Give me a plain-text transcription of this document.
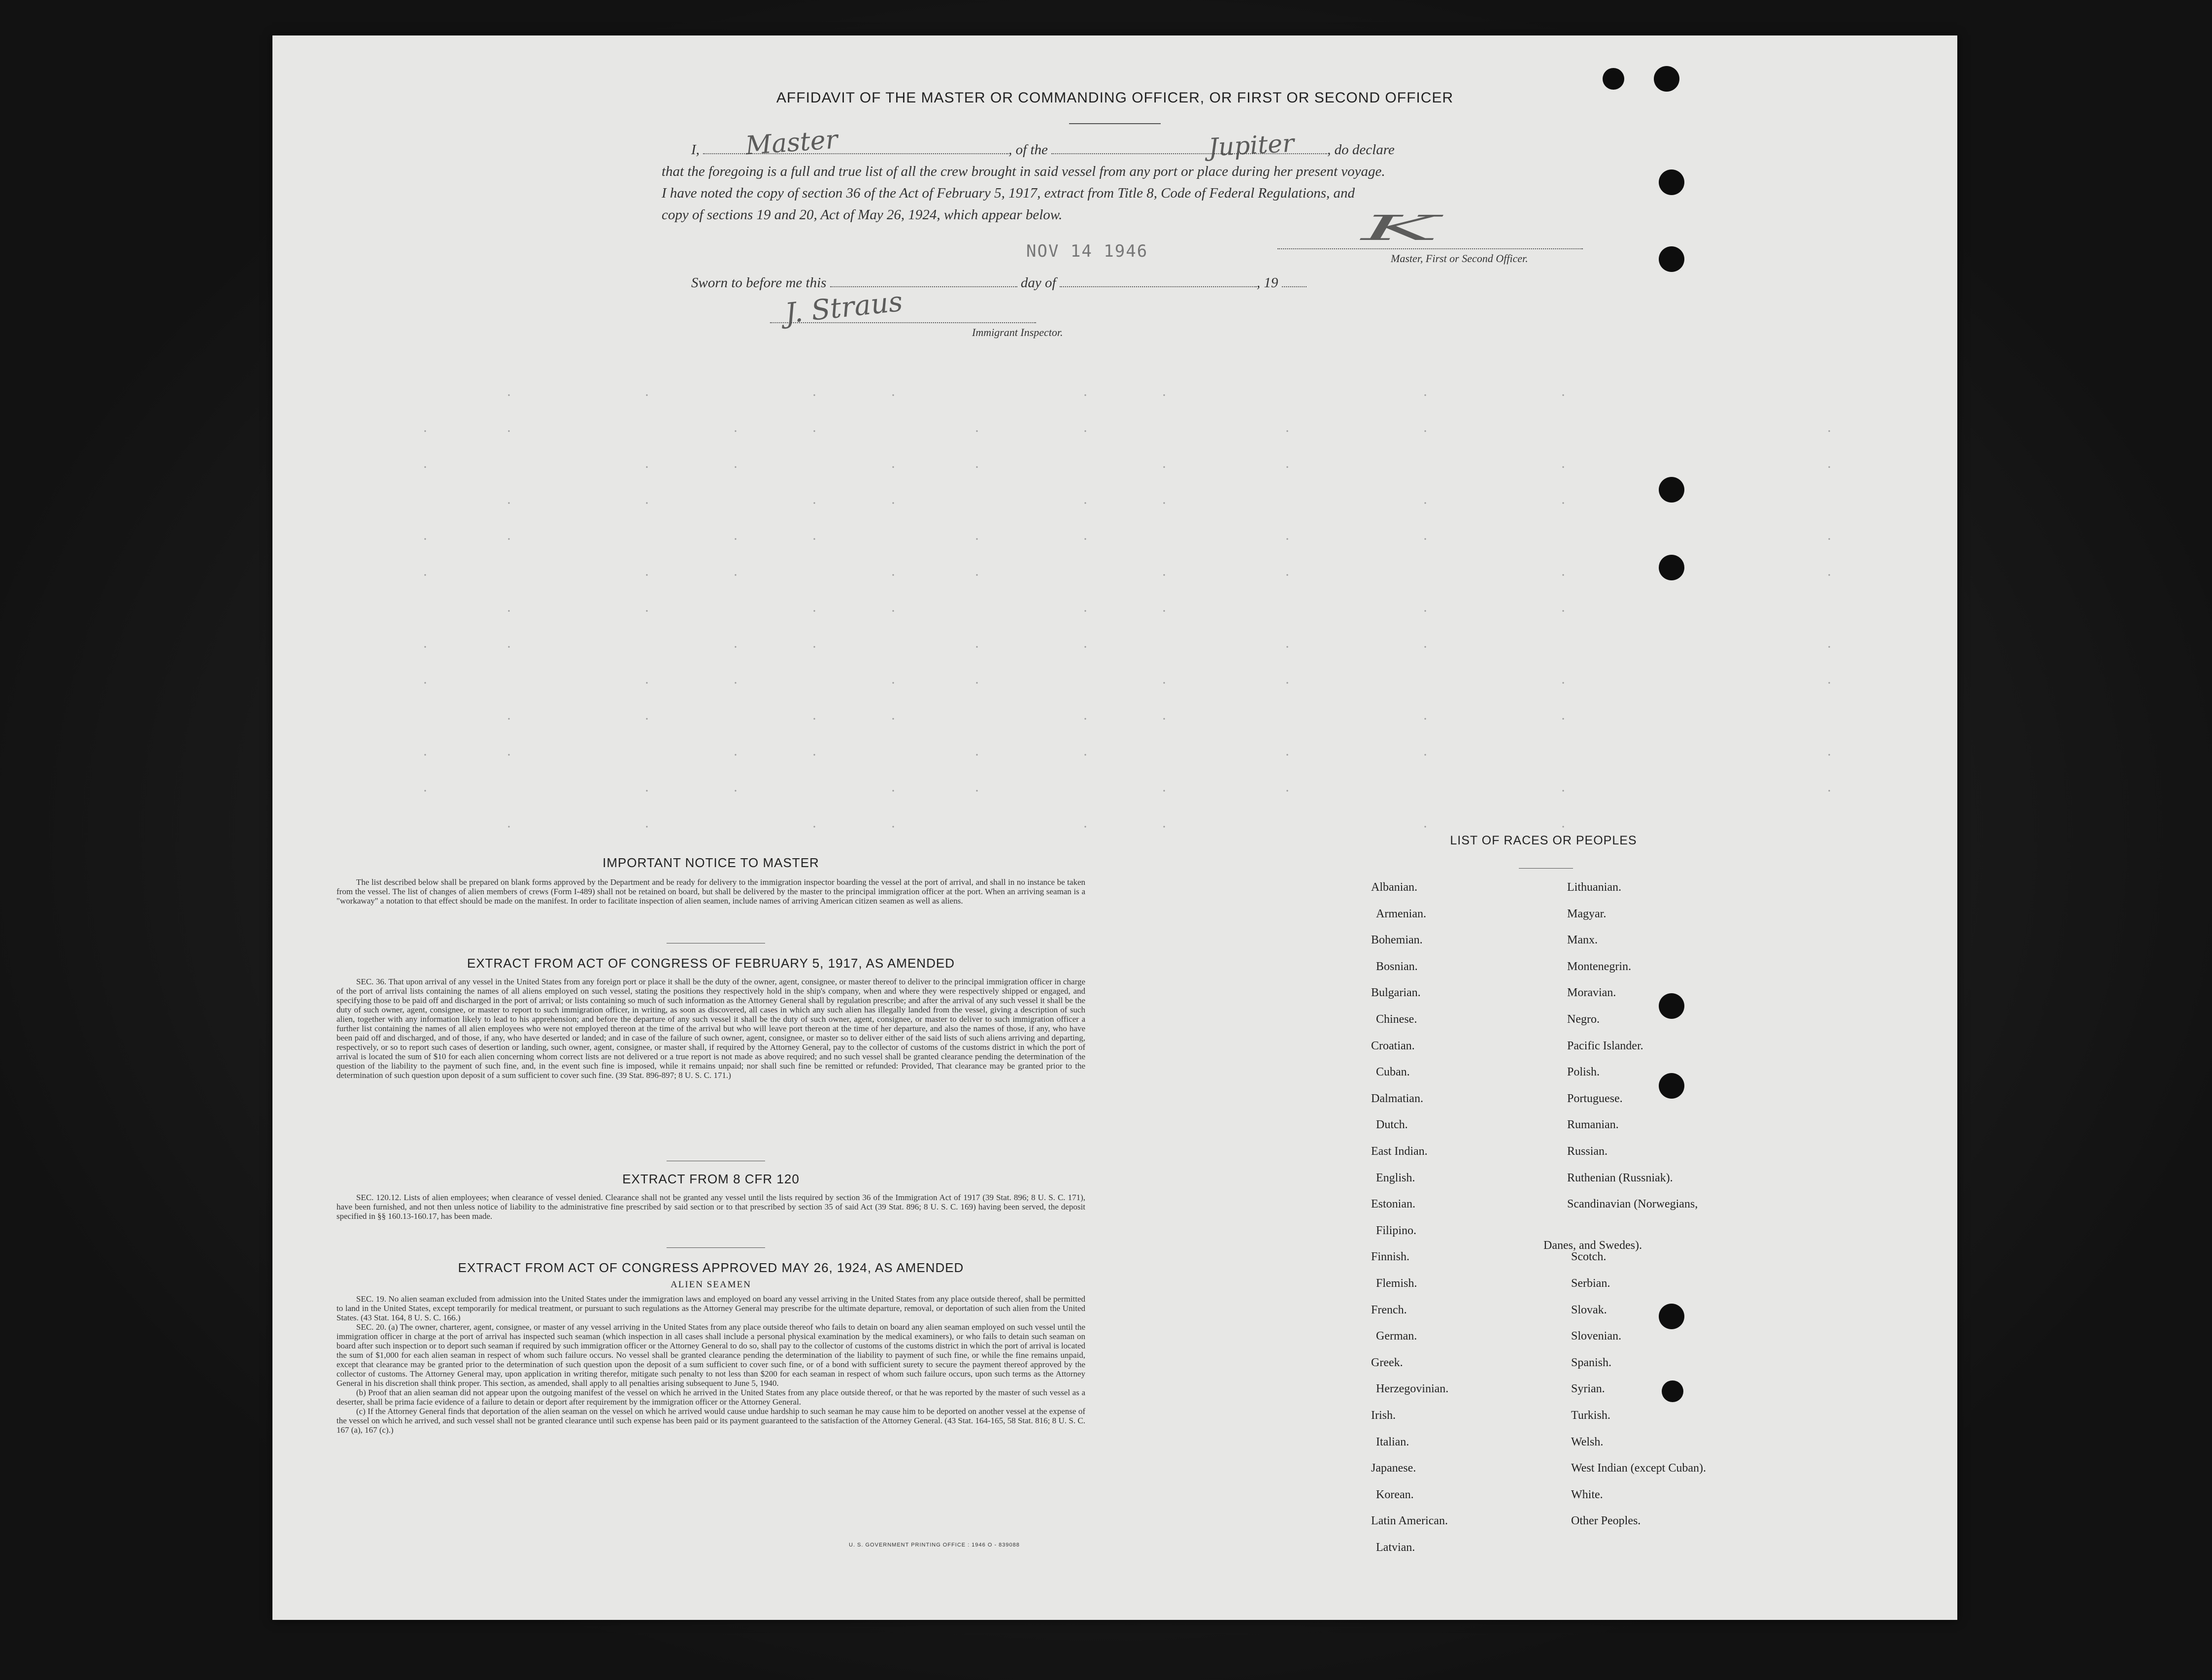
AFFIDAVIT OF THE MASTER OR COMMANDING OFFICER, OR FIRST OR SECOND OFFICER
I,	, of the	, do declare
that the foregoing is a full and true list of all the crew brought in said vessel from any port or place during her present voyage.
I have noted the copy of section 36 of the Act of February 5, 1917, extract from Title 8, Code of Federal Regulations, and
copy of sections 19 and 20, Act of May 26, 1924, which appear below.
Master	Jupiter
K
Master, First or Second Officer.
NOV 14 1946
Sworn to before me this	day of	, 19
J. Straus
Immigrant Inspector.
IMPORTANT NOTICE TO MASTER
The list described below shall be prepared on blank forms approved by the Department and be ready for delivery to the immigration inspector boarding the vessel at the port of arrival, and shall in no instance be taken from the vessel. The list of changes of alien members of crews (Form I-489) shall not be retained on board, but shall be delivered by the master to the principal immigration officer at the port. When an arriving seaman is a "workaway" a notation to that effect should be made on the manifest. In order to facilitate inspection of alien seamen, include names of arriving American citizen seamen as well as aliens.
EXTRACT FROM ACT OF CONGRESS OF FEBRUARY 5, 1917, AS AMENDED
SEC. 36. That upon arrival of any vessel in the United States from any foreign port or place it shall be the duty of the owner, agent, consignee, or master thereof to deliver to the principal immigration officer in charge of the port of arrival lists containing the names of all aliens employed on such vessel, stating the positions they respectively hold in the ship's company, when and where they were respectively shipped or engaged, and specifying those to be paid off and discharged in the port of arrival; or lists containing so much of such information as the Attorney General shall by regulation prescribe; and after the arrival of any such vessel it shall be the duty of such owner, agent, consignee, or master to report to such immigration officer, in writing, as soon as discovered, all cases in which any such alien has illegally landed from the vessel, giving a description of such alien, together with any information likely to lead to his apprehension; and before the departure of any such vessel it shall be the duty of such owner, agent, consignee, or master to deliver to such immigration officer a further list containing the names of all alien employees who were not employed thereon at the time of the arrival but who will leave port thereon at the time of her departure, and also the names of those, if any, who have been paid off and discharged, and of those, if any, who have deserted or landed; and in case of the failure of such owner, agent, consignee, or master so to deliver either of the said lists of such aliens arriving and departing, respectively, or so to report such cases of desertion or landing, such owner, agent, consignee, or master shall, if required by the Attorney General, pay to the collector of customs of the customs district in which the port of arrival is located the sum of $10 for each alien concerning whom correct lists are not delivered or a true report is not made as above required; and no such vessel shall be granted clearance pending the determination of the question of the liability to the payment of such fine, and, in the event such fine is imposed, while it remains unpaid; nor shall such fine be remitted or refunded: Provided, That clearance may be granted prior to the determination of such question upon deposit of a sum sufficient to cover such fine. (39 Stat. 896-897; 8 U. S. C. 171.)
EXTRACT FROM 8 CFR 120
SEC. 120.12. Lists of alien employees; when clearance of vessel denied. Clearance shall not be granted any vessel until the lists required by section 36 of the Immigration Act of 1917 (39 Stat. 896; 8 U. S. C. 171), have been furnished, and not then unless notice of liability to the administrative fine prescribed by said section or to that prescribed by section 35 of said Act (39 Stat. 896; 8 U. S. C. 169) having been served, the deposit specified in §§ 160.13-160.17, has been made.
EXTRACT FROM ACT OF CONGRESS APPROVED MAY 26, 1924, AS AMENDED
ALIEN SEAMEN
SEC. 19. No alien seaman excluded from admission into the United States under the immigration laws and employed on board any vessel arriving in the United States from any place outside thereof, shall be permitted to land in the United States, except temporarily for medical treatment, or pursuant to such regulations as the Attorney General may prescribe for the ultimate departure, removal, or deportation of such alien from the United States. (43 Stat. 164, 8 U. S. C. 166.)
SEC. 20. (a) The owner, charterer, agent, consignee, or master of any vessel arriving in the United States from any place outside thereof who fails to detain on board any alien seaman employed on such vessel until the immigration officer in charge at the port of arrival has inspected such seaman (which inspection in all cases shall include a personal physical examination by the medical examiners), or who fails to detain such seaman on board after such inspection or to deport such seaman if required by such immigration officer or the Attorney General to do so, shall pay to the collector of customs of the customs district in which the port of arrival is located the sum of $1,000 for each alien seaman in respect of whom such failure occurs. No vessel shall be granted clearance pending the determination of the liability to payment of such fine, or while the fine remains unpaid, except that clearance may be granted prior to the determination of such question upon the deposit of a sum sufficient to cover such fine, or of a bond with sufficient surety to secure the payment thereof approved by the collector of customs. The Attorney General may, upon application in writing therefor, mitigate such penalty to not less than $200 for each seaman in respect of whom such failure occurs, upon such terms as the Attorney General in his discretion shall think proper. This section, as amended, shall apply to all penalties arising subsequent to June 5, 1940.
(b) Proof that an alien seaman did not appear upon the outgoing manifest of the vessel on which he arrived in the United States from any place outside thereof, or that he was reported by the master of such vessel as a deserter, shall be prima facie evidence of a failure to detain or deport after requirement by the immigration officer or the Attorney General.
(c) If the Attorney General finds that deportation of the alien seaman on the vessel on which he arrived would cause undue hardship to such seaman he may cause him to be deported on another vessel at the expense of the vessel on which he arrived, and such vessel shall not be granted clearance until such expense has been paid or its payment guaranteed to the satisfaction of the Attorney General. (43 Stat. 164-165, 58 Stat. 816; 8 U. S. C. 167 (a), 167 (c).)
U. S. GOVERNMENT PRINTING OFFICE : 1946 O - 839088
LIST OF RACES OR PEOPLES
Albanian.
Armenian.
Bohemian.
Bosnian.
Bulgarian.
Chinese.
Croatian.
Cuban.
Dalmatian.
Dutch.
East Indian.
English.
Estonian.
Filipino.
Finnish.
Flemish.
French.
German.
Greek.
Herzegovinian.
Irish.
Italian.
Japanese.
Korean.
Latin American.
Latvian.
Lithuanian.
Magyar.
Manx.
Montenegrin.
Moravian.
Negro.
Pacific Islander.
Polish.
Portuguese.
Rumanian.
Russian.
Ruthenian (Russniak).
Scandinavian (Norwegians,
Danes, and Swedes).
Scotch.
Serbian.
Slovak.
Slovenian.
Spanish.
Syrian.
Turkish.
Welsh.
West Indian (except Cuban).
White.
Other Peoples.
